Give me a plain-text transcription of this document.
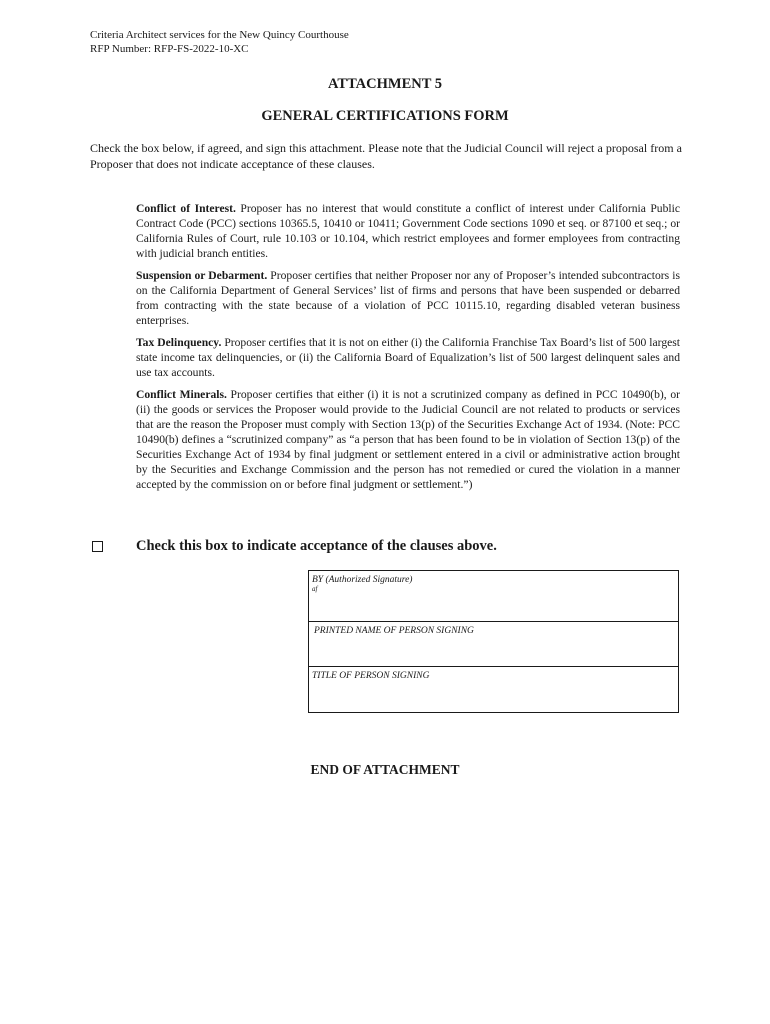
Criteria Architect services for the New Quincy Courthouse
RFP Number: RFP-FS-2022-10-XC
ATTACHMENT 5
GENERAL CERTIFICATIONS FORM
Check the box below, if agreed, and sign this attachment. Please note that the Judicial Council will reject a proposal from a Proposer that does not indicate acceptance of these clauses.

Conflict of Interest. Proposer has no interest that would constitute a conflict of interest under California Public Contract Code (PCC) sections 10365.5, 10410 or 10411; Government Code sections 1090 et seq. or 87100 et seq.; or California Rules of Court, rule 10.103 or 10.104, which restrict employees and former employees from contracting with judicial branch entities.

Suspension or Debarment. Proposer certifies that neither Proposer nor any of Proposer’s intended subcontractors is on the California Department of General Services’ list of firms and persons that have been suspended or debarred from contracting with the state because of a violation of PCC 10115.10, regarding disabled veteran business enterprises.

Tax Delinquency. Proposer certifies that it is not on either (i) the California Franchise Tax Board’s list of 500 largest state income tax delinquencies, or (ii) the California Board of Equalization’s list of 500 largest delinquent sales and use tax accounts.

Conflict Minerals. Proposer certifies that either (i) it is not a scrutinized company as defined in PCC 10490(b), or (ii) the goods or services the Proposer would provide to the Judicial Council are not related to products or services that are the reason the Proposer must comply with Section 13(p) of the Securities Exchange Act of 1934. (Note: PCC 10490(b) defines a “scrutinized company” as “a person that has been found to be in violation of Section 13(p) of the Securities Exchange Act of 1934 by final judgment or settlement entered in a civil or administrative action brought by the Securities and Exchange Commission and the person has not remedied or cured the violation in a manner accepted by the commission on or before final judgment or settlement.”)

Check this box to indicate acceptance of the clauses above.
BY (Authorized Signature)
af
PRINTED NAME OF PERSON SIGNING
TITLE OF PERSON SIGNING
END OF ATTACHMENT
